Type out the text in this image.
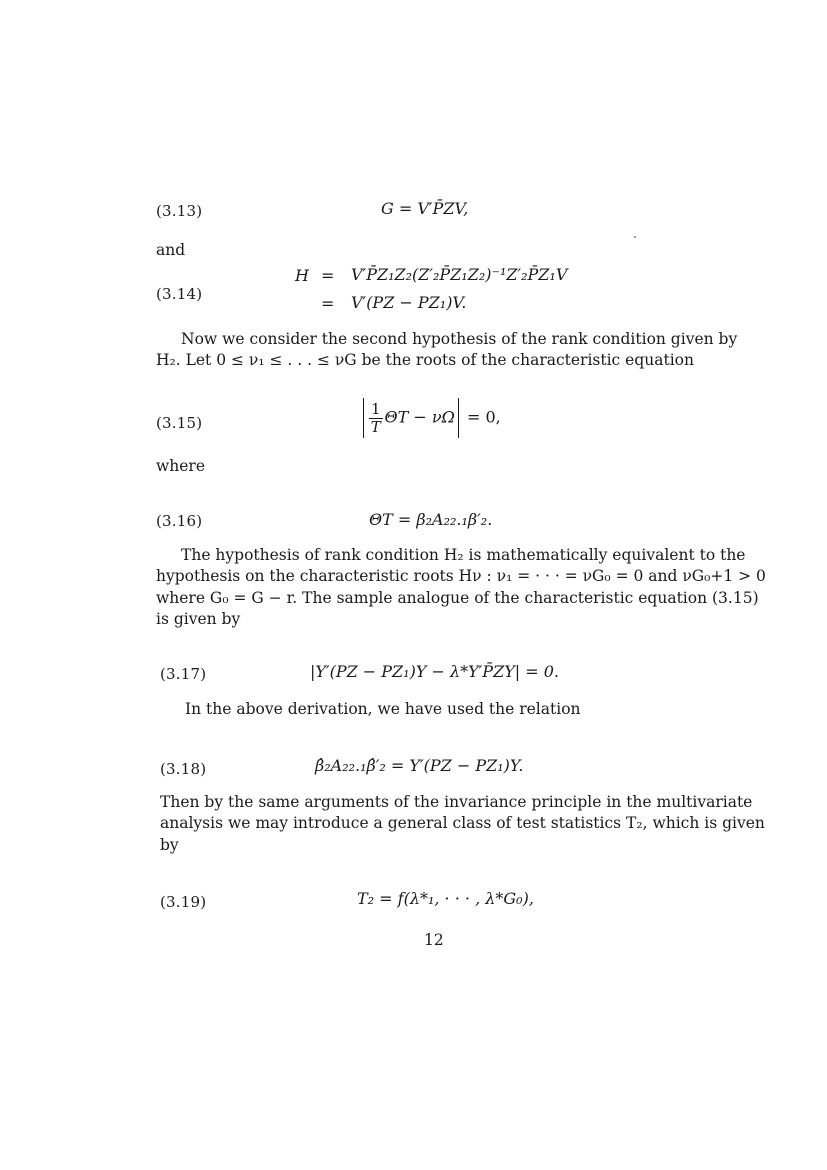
(3.13)	G = V′P̄ZV,
and
(3.14)
H = V′P̄Z₁Z₂(Z′₂P̄Z₁Z₂)⁻¹Z′₂P̄Z₁V
= V′(PZ − PZ₁)V.
Now we consider the second hypothesis of the rank condition given by
H₂. Let 0 ≤ ν₁ ≤ . . . ≤ νG be the roots of the characteristic equation
(3.15)	$\frac{1}{T}$ ΘT − νΩ = 0,
where
(3.16)	ΘT = β₂A₂₂.₁β′₂.
The hypothesis of rank condition H₂ is mathematically equivalent to the
hypothesis on the characteristic roots Hν : ν₁ = · · · = νG₀ = 0 and νG₀+1 > 0
where G₀ = G − r. The sample analogue of the characteristic equation (3.15)
is given by
(3.17)	|Y′(PZ − PZ₁)Y − λ*Y′P̄ZY| = 0.
In the above derivation, we have used the relation
(3.18)	β̂₂A₂₂.₁β̂′₂ = Y′(PZ − PZ₁)Y.
Then by the same arguments of the invariance principle in the multivariate
analysis we may introduce a general class of test statistics T₂, which is given
by
(3.19)	T₂ = f(λ*₁, · · · , λ*G₀),
12
